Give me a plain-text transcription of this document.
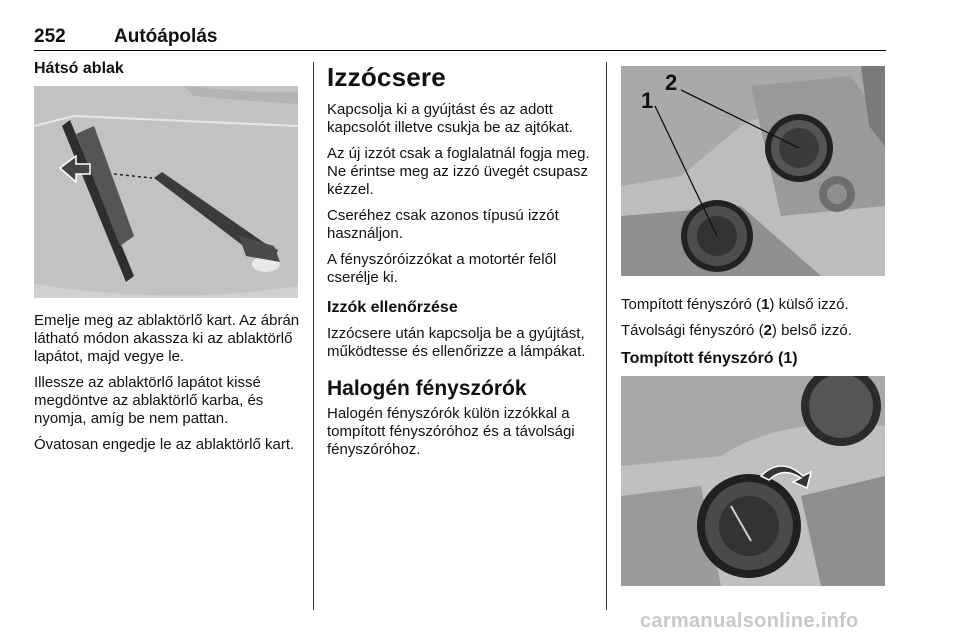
252	Autóápolás
Hátsó ablak

Emelje meg az ablaktörlő kart. Az ábrán látható módon akassza ki az ablaktörlő lapátot, majd vegye le.

Illessze az ablaktörlő lapátot kissé megdöntve az ablaktörlő karba, és nyomja, amíg be nem pattan.

Óvatosan engedje le az ablaktörlő kart.

Izzócsere

Kapcsolja ki a gyújtást és az adott kapcsolót illetve csukja be az ajtókat.

Az új izzót csak a foglalatnál fogja meg. Ne érintse meg az izzó üvegét csupasz kézzel.

Cseréhez csak azonos típusú izzót használjon.

A fényszóróizzókat a motortér felől cserélje ki.

Izzók ellenőrzése

Izzócsere után kapcsolja be a gyújtást, működtesse és ellenőrizze a lámpákat.

Halogén fényszórók

Halogén fényszórók külön izzókkal a tompított fényszóróhoz és a távolsági fényszóróhoz.

1
2

Tompított fényszóró (1) külső izzó.

Távolsági fényszóró (2) belső izzó.

Tompított fényszóró (1)
carmanualsonline.info
